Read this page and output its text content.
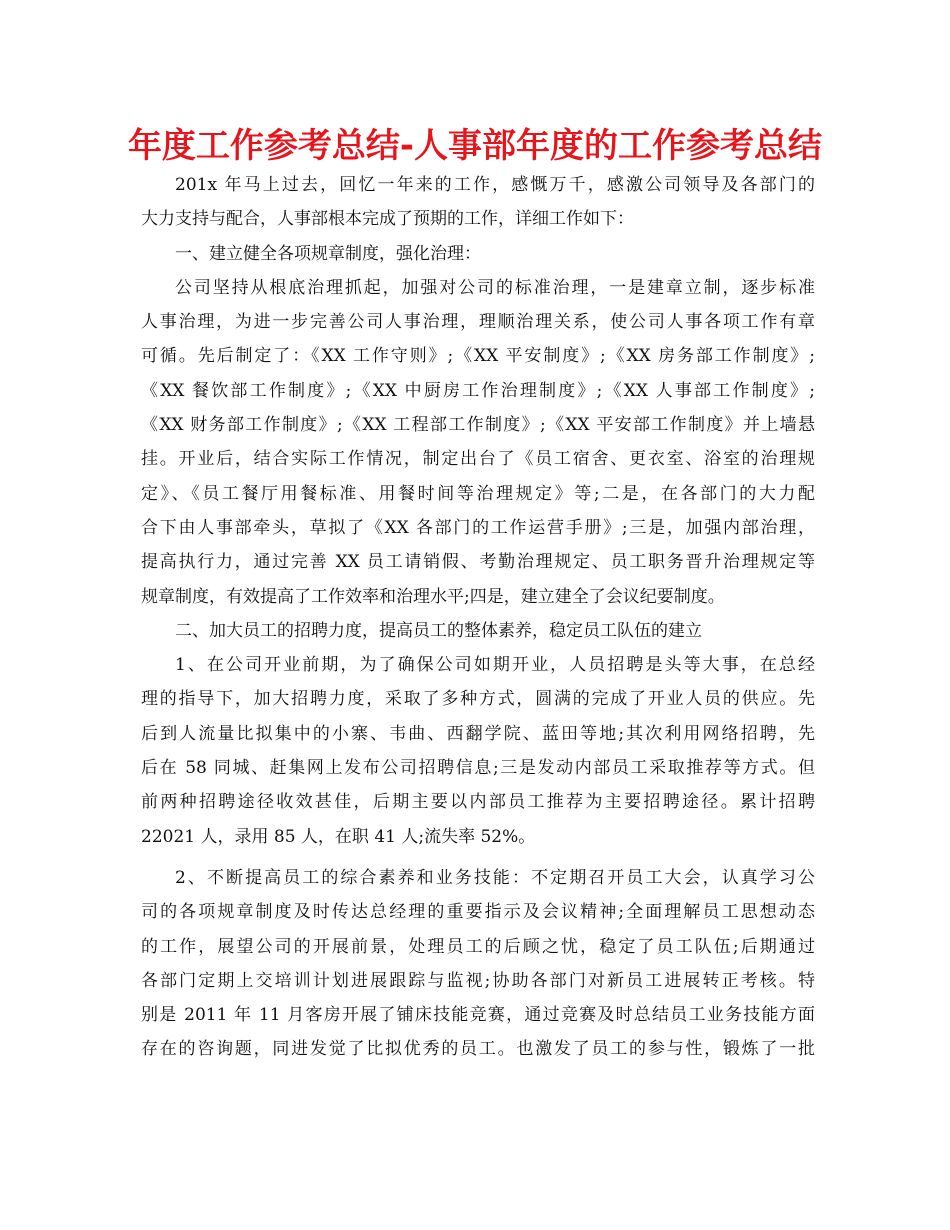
年度工作参考总结-人事部年度的工作参考总结
201x 年马上过去，回忆一年来的工作，感慨万千，感激公司领导及各部门的
大力支持与配合，人事部根本完成了预期的工作，详细工作如下：
一、建立健全各项规章制度，强化治理：
公司坚持从根底治理抓起，加强对公司的标准治理，一是建章立制，逐步标准
人事治理，为进一步完善公司人事治理，理顺治理关系，使公司人事各项工作有章
可循。先后制定了：《XX 工作守则》;《XX 平安制度》;《XX 房务部工作制度》;
《XX 餐饮部工作制度》;《XX 中厨房工作治理制度》;《XX 人事部工作制度》;
《XX 财务部工作制度》;《XX 工程部工作制度》;《XX 平安部工作制度》并上墙悬
挂。开业后，结合实际工作情况，制定出台了《员工宿舍、更衣室、浴室的治理规
定》、《员工餐厅用餐标准、用餐时间等治理规定》等;二是，在各部门的大力配
合下由人事部牵头，草拟了《XX 各部门的工作运营手册》;三是，加强内部治理，
提高执行力，通过完善 XX 员工请销假、考勤治理规定、员工职务晋升治理规定等
规章制度，有效提高了工作效率和治理水平;四是，建立建全了会议纪要制度。
二、加大员工的招聘力度，提高员工的整体素养，稳定员工队伍的建立
1、在公司开业前期，为了确保公司如期开业，人员招聘是头等大事，在总经
理的指导下，加大招聘力度，采取了多种方式，圆满的完成了开业人员的供应。先
后到人流量比拟集中的小寨、韦曲、西翻学院、蓝田等地;其次利用网络招聘，先
后在 58 同城、赶集网上发布公司招聘信息;三是发动内部员工采取推荐等方式。但
前两种招聘途径收效甚佳，后期主要以内部员工推荐为主要招聘途径。累计招聘
22021 人，录用 85 人，在职 41 人;流失率 52%。
2、不断提高员工的综合素养和业务技能：不定期召开员工大会，认真学习公
司的各项规章制度及时传达总经理的重要指示及会议精神;全面理解员工思想动态
的工作，展望公司的开展前景，处理员工的后顾之忧，稳定了员工队伍;后期通过
各部门定期上交培训计划进展跟踪与监视;协助各部门对新员工进展转正考核。特
别是 2011 年 11 月客房开展了铺床技能竞赛，通过竞赛及时总结员工业务技能方面
存在的咨询题，同进发觉了比拟优秀的员工。也激发了员工的参与性，锻炼了一批
